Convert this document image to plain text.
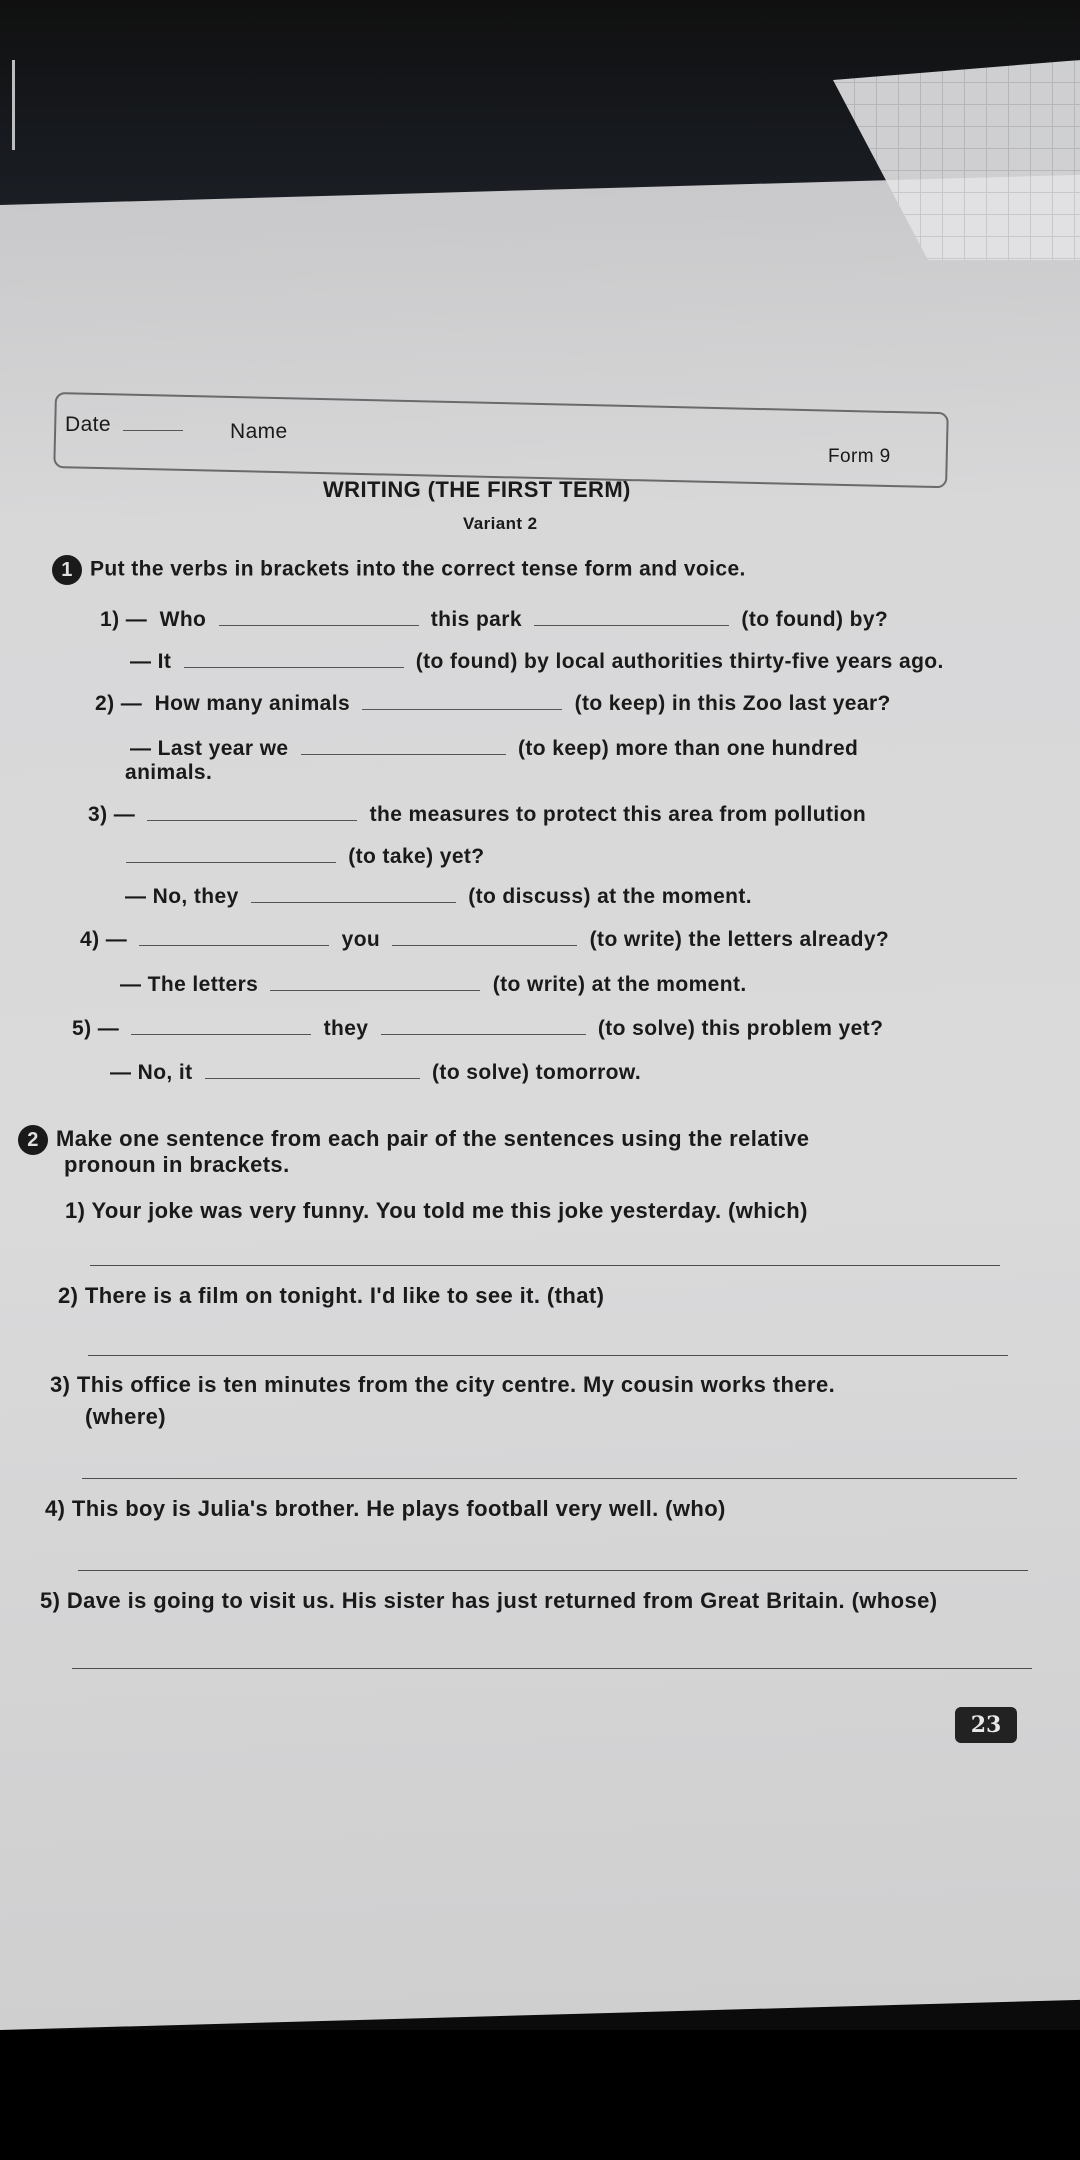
Date	Name
Form 9
WRITING (THE FIRST TERM)
Variant 2
1 Put the verbs in brackets into the correct tense form and voice.
1) — Who	this park	(to found) by?
— It	(to found) by local authorities thirty-five years ago.
2) — How many animals	(to keep) in this Zoo last year?
— Last year we	(to keep) more than one hundred
animals.
3) —	the measures to protect this area from pollution
(to take) yet?
— No, they	(to discuss) at the moment.
4) —	you	(to write) the letters already?
— The letters	(to write) at the moment.
5) —	they	(to solve) this problem yet?
— No, it	(to solve) tomorrow.
2 Make one sentence from each pair of the sentences using the relative
pronoun in brackets.
1) Your joke was very funny. You told me this joke yesterday. (which)
2) There is a film on tonight. I'd like to see it. (that)
3) This office is ten minutes from the city centre. My cousin works there.
(where)
4) This boy is Julia's brother. He plays football very well. (who)
5) Dave is going to visit us. His sister has just returned from Great Britain. (whose)
23
